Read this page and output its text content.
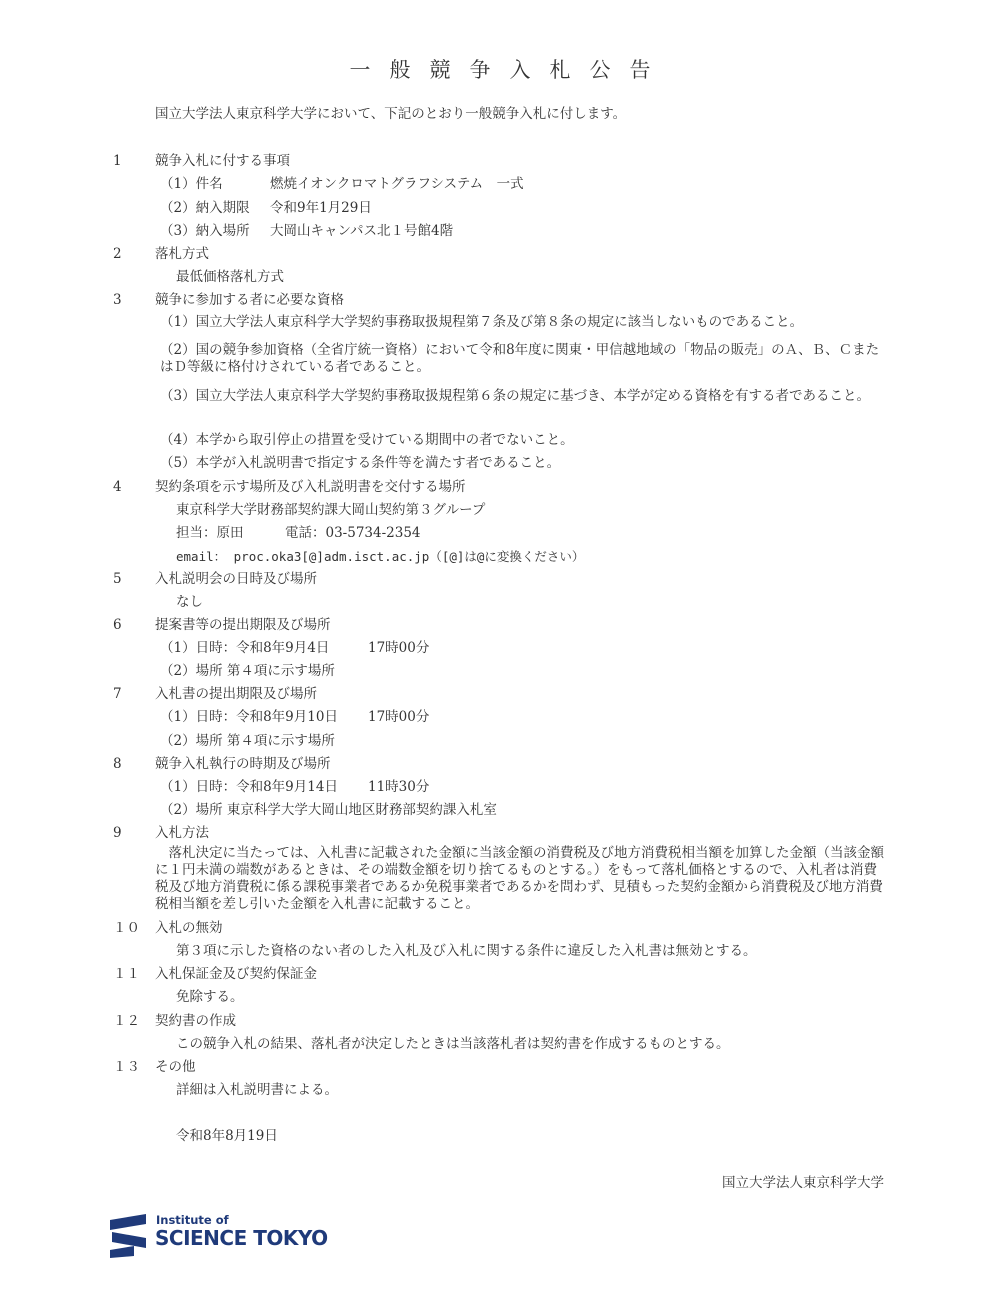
一般競争入札公告
国立大学法人東京科学大学において、下記のとおり一般競争入札に付します。
1 競争入札に付する事項
（1）件名	燃焼イオンクロマトグラフシステム　一式
（2）納入期限 令和9年1月29日
（3）納入場所 大岡山キャンパス北１号館4階
2 落札方式
最低価格落札方式
3 競争に参加する者に必要な資格
（1）国立大学法人東京科学大学契約事務取扱規程第７条及び第８条の規定に該当しないものであること。
（2）国の競争参加資格（全省庁統一資格）において令和8年度に関東・甲信越地域の「物品の販売」のＡ、Ｂ、ＣまたはＤ等級に格付けされている者であること。
（3）国立大学法人東京科学大学契約事務取扱規程第６条の規定に基づき、本学が定める資格を有する者であること。
（4）本学から取引停止の措置を受けている期間中の者でないこと。
（5）本学が入札説明書で指定する条件等を満たす者であること。
4 契約条項を示す場所及び入札説明書を交付する場所
東京科学大学財務部契約課大岡山契約第３グループ
担当：原田	電話：03-5734-2354
email： proc.oka3[@]adm.isct.ac.jp（[@]は@に変換ください）
5 入札説明会の日時及び場所
なし
6 提案書等の提出期限及び場所
（1）日時：令和8年9月4日	17時00分
（2）場所 第４項に示す場所
7 入札書の提出期限及び場所
（1）日時：令和8年9月10日 17時00分
（2）場所 第４項に示す場所
8 競争入札執行の時期及び場所
（1）日時：令和8年9月14日 11時30分
（2）場所 東京科学大学大岡山地区財務部契約課入札室
9 入札方法
　落札決定に当たっては、入札書に記載された金額に当該金額の消費税及び地方消費税相当額を加算した金額（当該金額に１円未満の端数があるときは、その端数金額を切り捨てるものとする。）をもって落札価格とするので、入札者は消費税及び地方消費税に係る課税事業者であるか免税事業者であるかを問わず、見積もった契約金額から消費税及び地方消費税相当額を差し引いた金額を入札書に記載すること。
１０ 入札の無効
第３項に示した資格のない者のした入札及び入札に関する条件に違反した入札書は無効とする。
１１ 入札保証金及び契約保証金
免除する。
１２ 契約書の作成
この競争入札の結果、落札者が決定したときは当該落札者は契約書を作成するものとする。
１３ その他
詳細は入札説明書による。
令和8年8月19日
国立大学法人東京科学大学
Institute of
SCIENCE TOKYO
